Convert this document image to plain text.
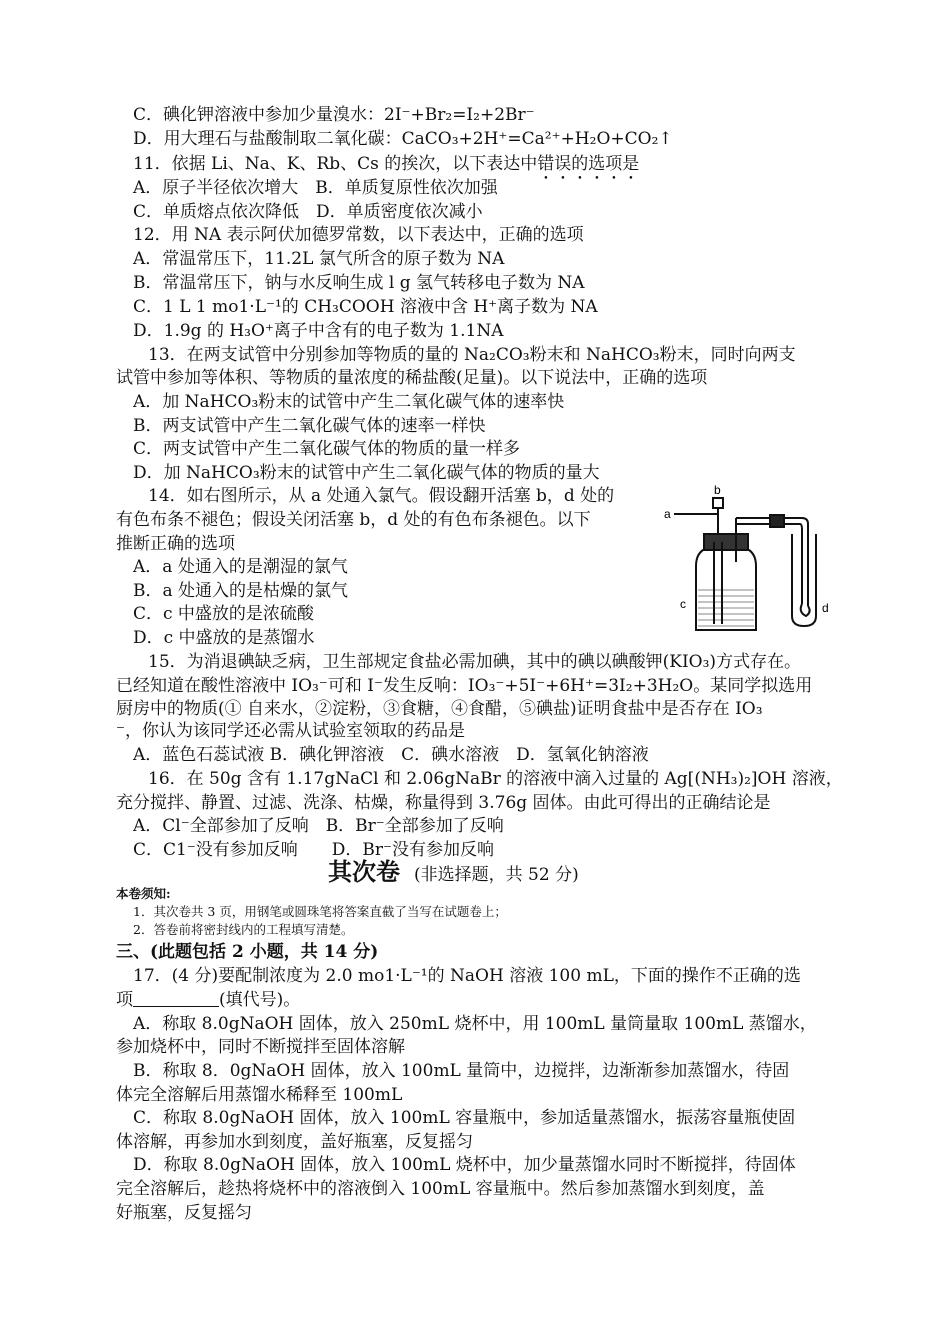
C．碘化钾溶液中参加少量溴水：2I⁻+Br₂=I₂+2Br⁻
D．用大理石与盐酸制取二氧化碳：CaCO₃+2H⁺=Ca²⁺+H₂O+CO₂↑
11．依据 Li、Na、K、Rb、Cs 的挨次，以下表达中错误的选项是
A．原子半径依次增大　B．单质复原性依次加强
C．单质熔点依次降低　D．单质密度依次减小
12．用 NA 表示阿伏加德罗常数，以下表达中，正确的选项
A．常温常压下，11.2L 氯气所含的原子数为 NA
B．常温常压下，钠与水反响生成 l g 氢气转移电子数为 NA
C．1 L 1 mo1·L⁻¹的 CH₃COOH 溶液中含 H⁺离子数为 NA
D．1.9g 的 H₃O⁺离子中含有的电子数为 1.1NA
13．在两支试管中分别参加等物质的量的 Na₂CO₃粉末和 NaHCO₃粉末，同时向两支
试管中参加等体积、等物质的量浓度的稀盐酸(足量)。以下说法中，正确的选项
A．加 NaHCO₃粉末的试管中产生二氧化碳气体的速率快
B．两支试管中产生二氧化碳气体的速率一样快
C．两支试管中产生二氧化碳气体的物质的量一样多
D．加 NaHCO₃粉末的试管中产生二氧化碳气体的物质的量大
14．如右图所示，从 a 处通入氯气。假设翻开活塞 b，d 处的
有色布条不褪色；假设关闭活塞 b，d 处的有色布条褪色。以下
推断正确的选项
A．a 处通入的是潮湿的氯气
B．a 处通入的是枯燥的氯气
C．c 中盛放的是浓硫酸
D．c 中盛放的是蒸馏水
a
b
c	d
15．为消退碘缺乏病，卫生部规定食盐必需加碘，其中的碘以碘酸钾(KIO₃)方式存在。
已经知道在酸性溶液中 IO₃⁻可和 I⁻发生反响：IO₃⁻+5I⁻+6H⁺=3I₂+3H₂O。某同学拟选用
厨房中的物质(① 自来水，②淀粉，③食糖，④食醋，⑤碘盐)证明食盐中是否存在 IO₃
⁻，你认为该同学还必需从试验室领取的药品是
A．蓝色石蕊试液 B．碘化钾溶液　C．碘水溶液　D．氢氧化钠溶液
16．在 50g 含有 1.17gNaCl 和 2.06gNaBr 的溶液中滴入过量的 Ag[(NH₃)₂]OH 溶液，
充分搅拌、静置、过滤、洗涤、枯燥，称量得到 3.76g 固体。由此可得出的正确结论是
A．Cl⁻全部参加了反响　B．Br⁻全部参加了反响
C．C1⁻没有参加反响　　D．Br⁻没有参加反响
其次卷 (非选择题，共 52 分)
本卷须知:
1．其次卷共 3 页，用钢笔或圆珠笔将答案直截了当写在试题卷上；
2．答卷前将密封线内的工程填写清楚。
三、(此题包括 2 小题，共 14 分)
17．(4 分)要配制浓度为 2.0 mo1·L⁻¹的 NaOH 溶液 100 mL，下面的操作不正确的选
项	(填代号)。
A．称取 8.0gNaOH 固体，放入 250mL 烧杯中，用 100mL 量筒量取 100mL 蒸馏水，
参加烧杯中，同时不断搅拌至固体溶解
B．称取 8．0gNaOH 固体，放入 100mL 量筒中，边搅拌，边渐渐参加蒸馏水，待固
体完全溶解后用蒸馏水稀释至 100mL
C．称取 8.0gNaOH 固体，放入 100mL 容量瓶中，参加适量蒸馏水，振荡容量瓶使固
体溶解，再参加水到刻度，盖好瓶塞，反复摇匀
D．称取 8.0gNaOH 固体，放入 100mL 烧杯中，加少量蒸馏水同时不断搅拌，待固体
完全溶解后，趁热将烧杯中的溶液倒入 100mL 容量瓶中。然后参加蒸馏水到刻度，盖
好瓶塞，反复摇匀
